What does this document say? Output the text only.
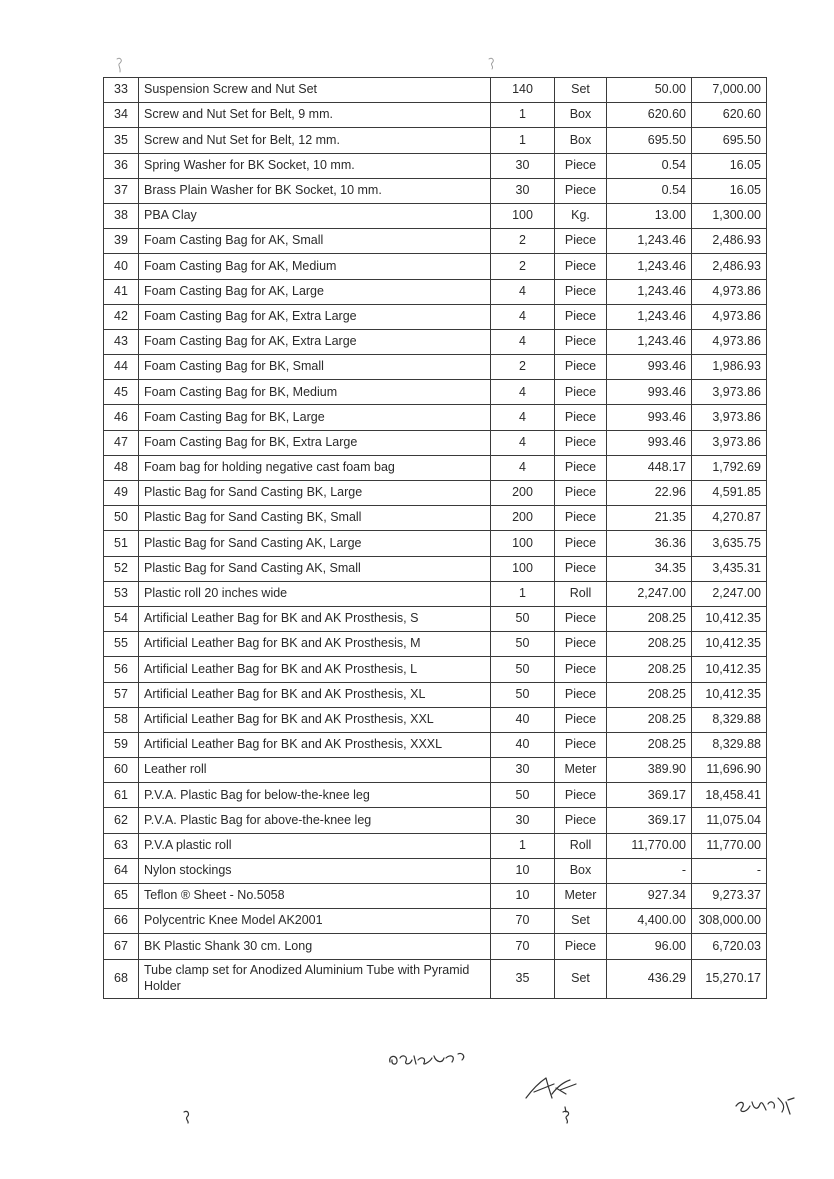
33	Suspension Screw and Nut Set	140	Set	50.00	7,000.00
34	Screw and Nut Set for Belt, 9 mm.	1	Box	620.60	620.60
35	Screw and Nut Set for Belt, 12 mm.	1	Box	695.50	695.50
36	Spring Washer for BK Socket, 10 mm.	30	Piece	0.54	16.05
37	Brass Plain Washer for BK Socket, 10 mm.	30	Piece	0.54	16.05
38	PBA Clay	100	Kg.	13.00	1,300.00
39	Foam Casting Bag for AK, Small	2	Piece	1,243.46	2,486.93
40	Foam Casting Bag for AK, Medium	2	Piece	1,243.46	2,486.93
41	Foam Casting Bag for AK, Large	4	Piece	1,243.46	4,973.86
42	Foam Casting Bag for AK, Extra Large	4	Piece	1,243.46	4,973.86
43	Foam Casting Bag for AK, Extra Large	4	Piece	1,243.46	4,973.86
44	Foam Casting Bag for BK, Small	2	Piece	993.46	1,986.93
45	Foam Casting Bag for BK, Medium	4	Piece	993.46	3,973.86
46	Foam Casting Bag for BK, Large	4	Piece	993.46	3,973.86
47	Foam Casting Bag for BK, Extra Large	4	Piece	993.46	3,973.86
48	Foam bag for holding negative cast foam bag	4	Piece	448.17	1,792.69
49	Plastic Bag for Sand Casting BK, Large	200	Piece	22.96	4,591.85
50	Plastic Bag for Sand Casting BK, Small	200	Piece	21.35	4,270.87
51	Plastic Bag for Sand Casting AK, Large	100	Piece	36.36	3,635.75
52	Plastic Bag for Sand Casting AK, Small	100	Piece	34.35	3,435.31
53	Plastic roll 20 inches wide	1	Roll	2,247.00	2,247.00
54	Artificial Leather Bag for BK and AK Prosthesis, S	50	Piece	208.25	10,412.35
55	Artificial Leather Bag for BK and AK Prosthesis, M	50	Piece	208.25	10,412.35
56	Artificial Leather Bag for BK and AK Prosthesis, L	50	Piece	208.25	10,412.35
57	Artificial Leather Bag for BK and AK Prosthesis, XL	50	Piece	208.25	10,412.35
58	Artificial Leather Bag for BK and AK Prosthesis, XXL	40	Piece	208.25	8,329.88
59	Artificial Leather Bag for BK and AK Prosthesis, XXXL	40	Piece	208.25	8,329.88
60	Leather roll	30	Meter	389.90	11,696.90
61	P.V.A. Plastic Bag for below-the-knee leg	50	Piece	369.17	18,458.41
62	P.V.A. Plastic Bag for above-the-knee leg	30	Piece	369.17	11,075.04
63	P.V.A plastic roll	1	Roll	11,770.00	11,770.00
64	Nylon stockings	10	Box	-	-
65	Teflon ® Sheet - No.5058	10	Meter	927.34	9,273.37
66	Polycentric Knee Model AK2001	70	Set	4,400.00	308,000.00
67	BK Plastic Shank 30 cm. Long	70	Piece	96.00	6,720.03
68	Tube clamp set for Anodized Aluminium Tube with Pyramid Holder	35	Set	436.29	15,270.17
